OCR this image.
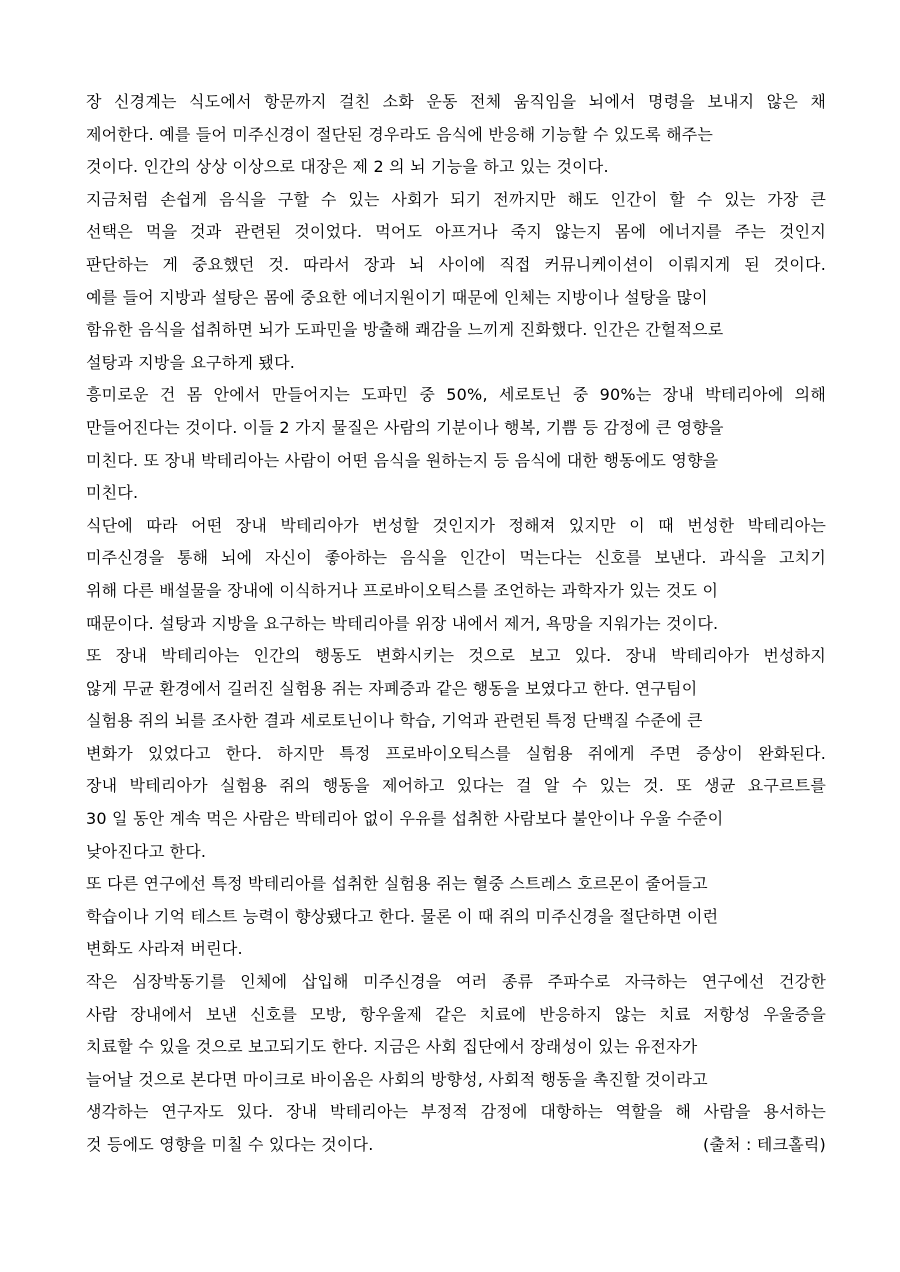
장 신경계는 식도에서 항문까지 걸친 소화 운동 전체 움직임을 뇌에서 명령을 보내지 않은 채
제어한다. 예를 들어 미주신경이 절단된 경우라도 음식에 반응해 기능할 수 있도록 해주는
것이다. 인간의 상상 이상으로 대장은 제 2 의 뇌 기능을 하고 있는 것이다.
지금처럼 손쉽게 음식을 구할 수 있는 사회가 되기 전까지만 해도 인간이 할 수 있는 가장 큰
선택은 먹을 것과 관련된 것이었다. 먹어도 아프거나 죽지 않는지 몸에 에너지를 주는 것인지
판단하는 게 중요했던 것. 따라서 장과 뇌 사이에 직접 커뮤니케이션이 이뤄지게 된 것이다.
예를 들어 지방과 설탕은 몸에 중요한 에너지원이기 때문에 인체는 지방이나 설탕을 많이
함유한 음식을 섭취하면 뇌가 도파민을 방출해 쾌감을 느끼게 진화했다. 인간은 간헐적으로
설탕과 지방을 요구하게 됐다.
흥미로운 건 몸 안에서 만들어지는 도파민 중 50%, 세로토닌 중 90%는 장내 박테리아에 의해
만들어진다는 것이다. 이들 2 가지 물질은 사람의 기분이나 행복, 기쁨 등 감정에 큰 영향을
미친다. 또 장내 박테리아는 사람이 어떤 음식을 원하는지 등 음식에 대한 행동에도 영향을
미친다.
식단에 따라 어떤 장내 박테리아가 번성할 것인지가 정해져 있지만 이 때 번성한 박테리아는
미주신경을 통해 뇌에 자신이 좋아하는 음식을 인간이 먹는다는 신호를 보낸다. 과식을 고치기
위해 다른 배설물을 장내에 이식하거나 프로바이오틱스를 조언하는 과학자가 있는 것도 이
때문이다. 설탕과 지방을 요구하는 박테리아를 위장 내에서 제거, 욕망을 지워가는 것이다.
또 장내 박테리아는 인간의 행동도 변화시키는 것으로 보고 있다. 장내 박테리아가 번성하지
않게 무균 환경에서 길러진 실험용 쥐는 자폐증과 같은 행동을 보였다고 한다. 연구팀이
실험용 쥐의 뇌를 조사한 결과 세로토닌이나 학습, 기억과 관련된 특정 단백질 수준에 큰
변화가 있었다고 한다. 하지만 특정 프로바이오틱스를 실험용 쥐에게 주면 증상이 완화된다.
장내 박테리아가 실험용 쥐의 행동을 제어하고 있다는 걸 알 수 있는 것. 또 생균 요구르트를
30 일 동안 계속 먹은 사람은 박테리아 없이 우유를 섭취한 사람보다 불안이나 우울 수준이
낮아진다고 한다.
또 다른 연구에선 특정 박테리아를 섭취한 실험용 쥐는 혈중 스트레스 호르몬이 줄어들고
학습이나 기억 테스트 능력이 향상됐다고 한다. 물론 이 때 쥐의 미주신경을 절단하면 이런
변화도 사라져 버린다.
작은 심장박동기를 인체에 삽입해 미주신경을 여러 종류 주파수로 자극하는 연구에선 건강한
사람 장내에서 보낸 신호를 모방, 항우울제 같은 치료에 반응하지 않는 치료 저항성 우울증을
치료할 수 있을 것으로 보고되기도 한다. 지금은 사회 집단에서 장래성이 있는 유전자가
늘어날 것으로 본다면 마이크로 바이옴은 사회의 방향성, 사회적 행동을 촉진할 것이라고
생각하는 연구자도 있다. 장내 박테리아는 부정적 감정에 대항하는 역할을 해 사람을 용서하는
것 등에도 영향을 미칠 수 있다는 것이다.	(출처 : 테크홀릭)
